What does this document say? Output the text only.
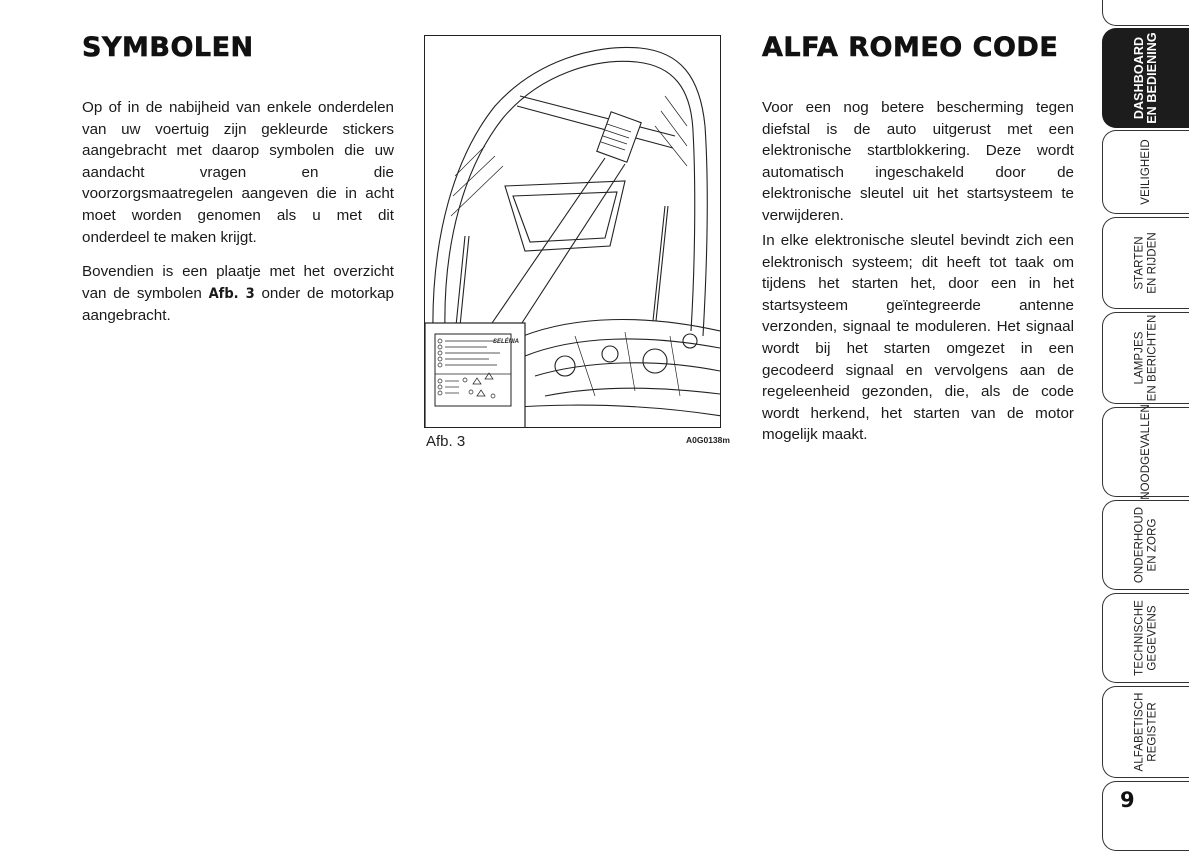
SYMBOLEN

Op of in de nabijheid van enkele onderdelen van uw voertuig zijn gekleurde stickers aangebracht met daarop symbolen die uw aandacht vragen en die voorzorgsmaatregelen aangeven die in acht moet worden genomen als u met dit onderdeel te maken krijgt.

Bovendien is een plaatje met het overzicht van de symbolen Afb. 3 onder de motorkap aangebracht.

SELÉNIA
Afb. 3	A0G0138m
ALFA ROMEO CODE

Voor een nog betere bescherming tegen diefstal is de auto uitgerust met een elektronische startblokkering. Deze wordt automatisch ingeschakeld door de elektronische sleutel uit het startsysteem te verwijderen.

In elke elektronische sleutel bevindt zich een elektronisch systeem; dit heeft tot taak om tijdens het starten het, door een in het startsysteem geïntegreerde antenne verzonden, signaal te moduleren. Het signaal wordt bij het starten omgezet in een gecodeerd signaal en vervolgens aan de regeleenheid gezonden, die, als de code wordt herkend, het starten van de motor mogelijk maakt.

DASHBOARD EN BEDIENING
VEILIGHEID
STARTEN EN RIJDEN
LAMPJES EN BERICHTEN
NOODGEVALLEN
ONDERHOUD EN ZORG
TECHNISCHE GEGEVENS
ALFABETISCH REGISTER
9
